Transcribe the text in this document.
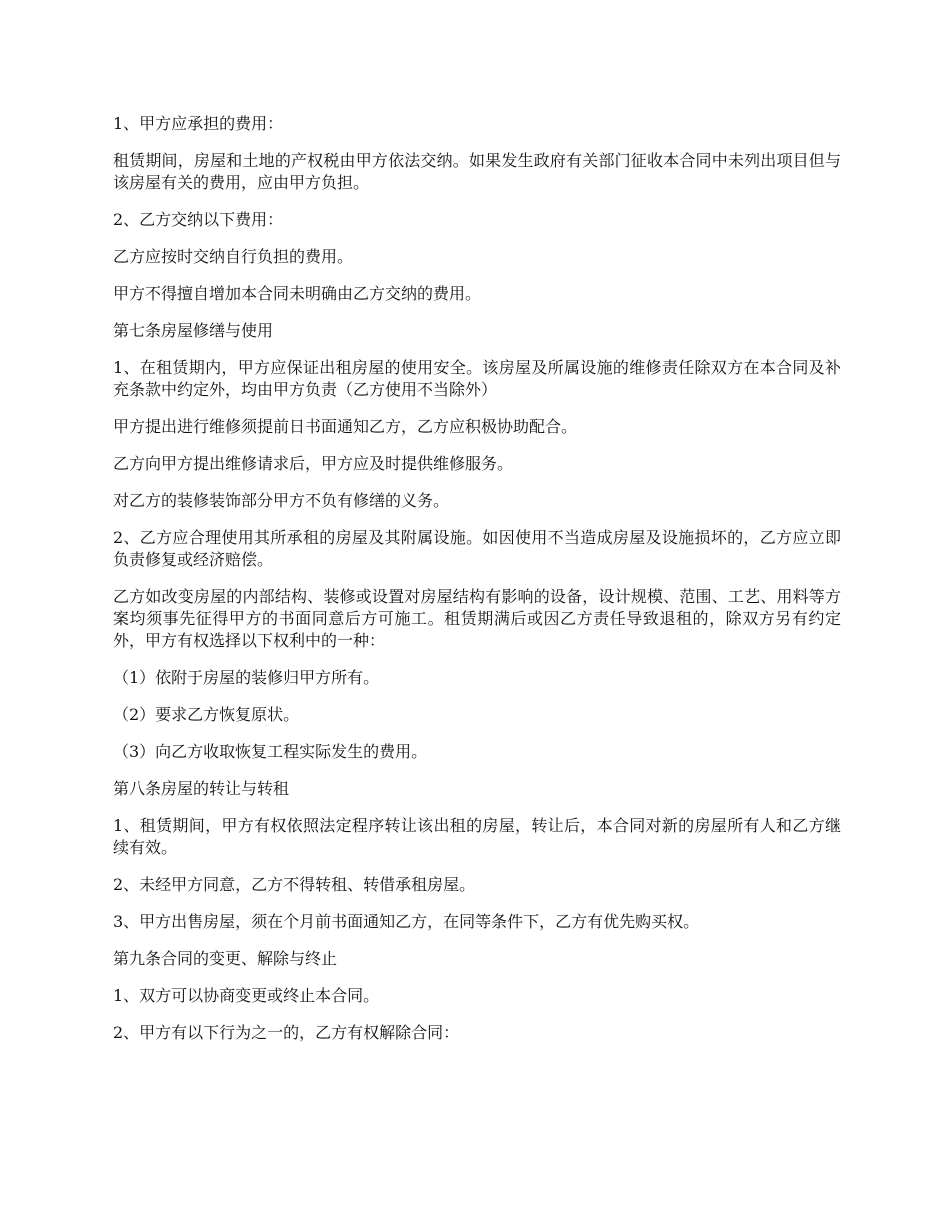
1、甲方应承担的费用：

租赁期间，房屋和土地的产权税由甲方依法交纳。如果发生政府有关部门征收本合同中未列出项目但与该房屋有关的费用，应由甲方负担。

2、乙方交纳以下费用：

乙方应按时交纳自行负担的费用。

甲方不得擅自增加本合同未明确由乙方交纳的费用。

第七条房屋修缮与使用

1、在租赁期内，甲方应保证出租房屋的使用安全。该房屋及所属设施的维修责任除双方在本合同及补充条款中约定外，均由甲方负责（乙方使用不当除外）

甲方提出进行维修须提前日书面通知乙方，乙方应积极协助配合。

乙方向甲方提出维修请求后，甲方应及时提供维修服务。

对乙方的装修装饰部分甲方不负有修缮的义务。

2、乙方应合理使用其所承租的房屋及其附属设施。如因使用不当造成房屋及设施损坏的，乙方应立即负责修复或经济赔偿。

乙方如改变房屋的内部结构、装修或设置对房屋结构有影响的设备，设计规模、范围、工艺、用料等方案均须事先征得甲方的书面同意后方可施工。租赁期满后或因乙方责任导致退租的，除双方另有约定外，甲方有权选择以下权利中的一种：

（1）依附于房屋的装修归甲方所有。

（2）要求乙方恢复原状。

（3）向乙方收取恢复工程实际发生的费用。

第八条房屋的转让与转租

1、租赁期间，甲方有权依照法定程序转让该出租的房屋，转让后，本合同对新的房屋所有人和乙方继续有效。

2、未经甲方同意，乙方不得转租、转借承租房屋。

3、甲方出售房屋，须在个月前书面通知乙方，在同等条件下，乙方有优先购买权。

第九条合同的变更、解除与终止

1、双方可以协商变更或终止本合同。

2、甲方有以下行为之一的，乙方有权解除合同：
